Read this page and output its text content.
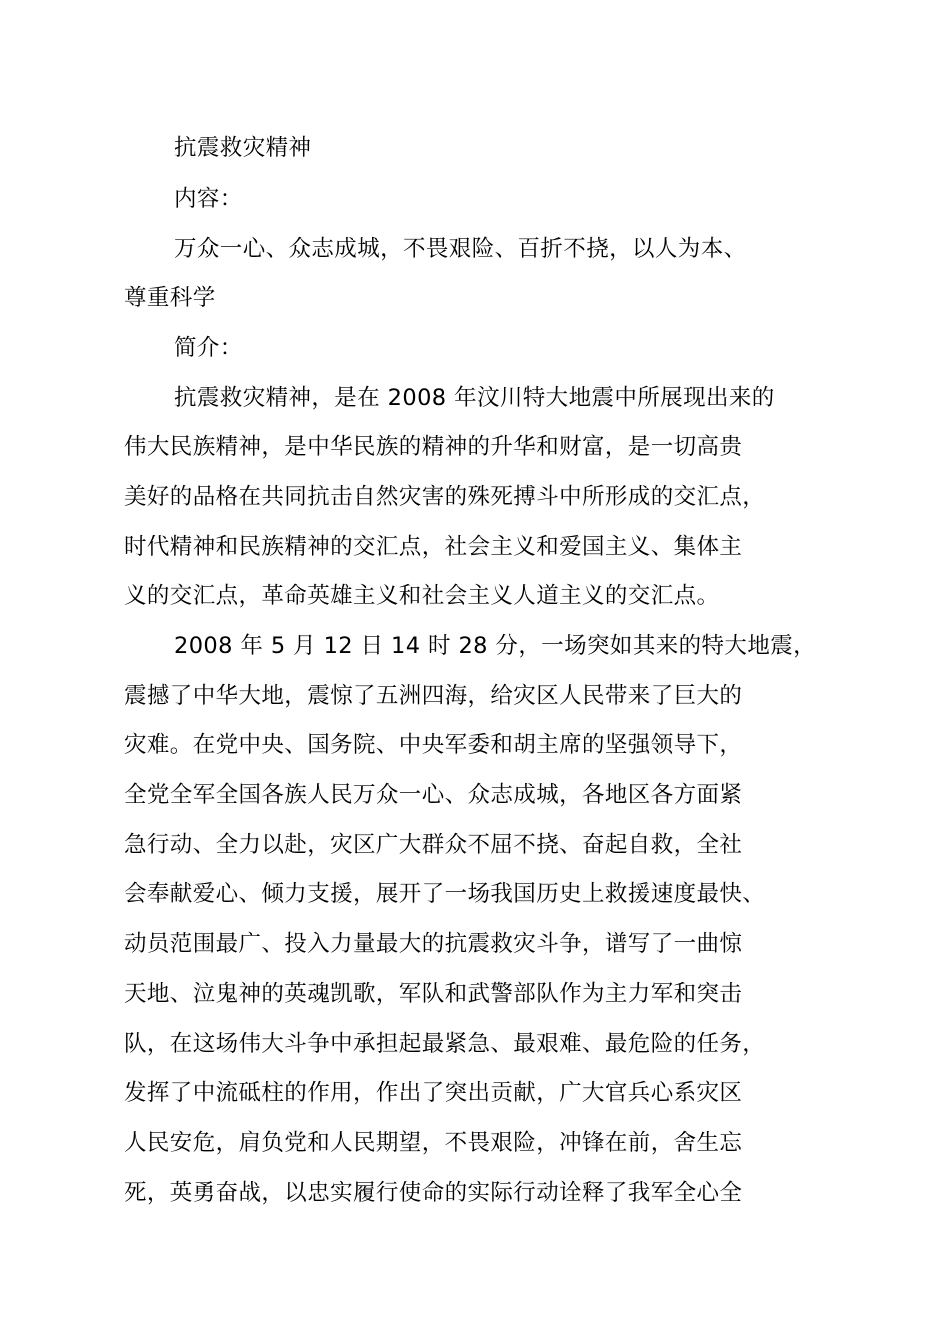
抗震救灾精神
内容：
万众一心、众志成城，不畏艰险、百折不挠，以人为本、
尊重科学
简介：
抗震救灾精神，是在 2008 年汶川特大地震中所展现出来的
伟大民族精神，是中华民族的精神的升华和财富，是一切高贵
美好的品格在共同抗击自然灾害的殊死搏斗中所形成的交汇点，
时代精神和民族精神的交汇点，社会主义和爱国主义、集体主
义的交汇点，革命英雄主义和社会主义人道主义的交汇点。
2008 年 5 月 12 日 14 时 28 分，一场突如其来的特大地震，
震撼了中华大地，震惊了五洲四海，给灾区人民带来了巨大的
灾难。在党中央、国务院、中央军委和胡主席的坚强领导下，
全党全军全国各族人民万众一心、众志成城，各地区各方面紧
急行动、全力以赴，灾区广大群众不屈不挠、奋起自救，全社
会奉献爱心、倾力支援，展开了一场我国历史上救援速度最快、
动员范围最广、投入力量最大的抗震救灾斗争，谱写了一曲惊
天地、泣鬼神的英魂凯歌，军队和武警部队作为主力军和突击
队，在这场伟大斗争中承担起最紧急、最艰难、最危险的任务，
发挥了中流砥柱的作用，作出了突出贡献，广大官兵心系灾区
人民安危，肩负党和人民期望，不畏艰险，冲锋在前，舍生忘
死，英勇奋战，以忠实履行使命的实际行动诠释了我军全心全
